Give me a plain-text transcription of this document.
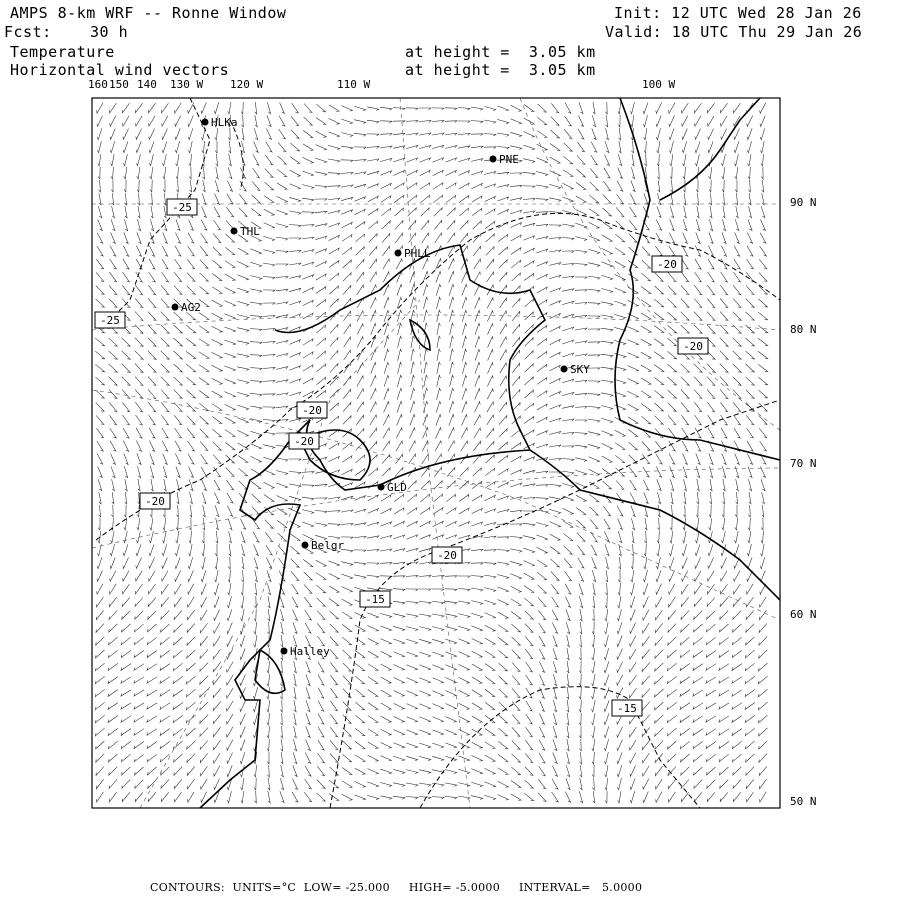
HLKa
PNE
THL
PHLL
AG2
SKY
GLD
Belgr
Halley
-25
-25
-20
-20
-20
-20
-20
-20
-15
-15
AMPS 8-km WRF -- Ronne Window
Fcst:	30 h
Temperature
Horizontal wind vectors
at height =  3.05 km
at height =  3.05 km
Init: 12 UTC Wed 28 Jan 26
Valid: 18 UTC Thu 29 Jan 26
160 150 140 130 W 120 W	110 W	100 W
90 N
80 N
70 N
60 N
50 N
CONTOURS:  UNITS=°C  LOW= -25.000     HIGH= -5.0000     INTERVAL=   5.0000
